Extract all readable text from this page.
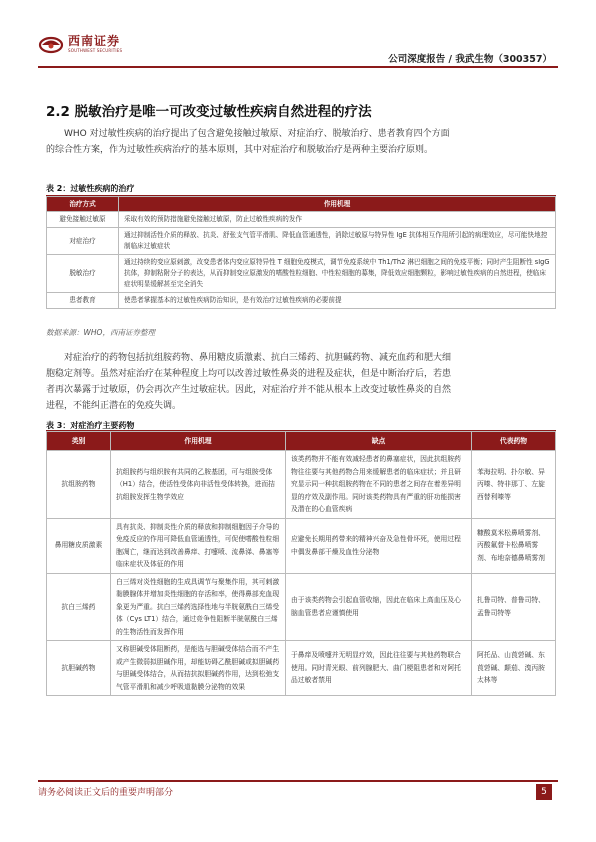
西南证券
SOUTHWEST SECURITIES
公司深度报告 / 我武生物（300357）
2.2 脱敏治疗是唯一可改变过敏性疾病自然进程的疗法
WHO 对过敏性疾病的治疗提出了包含避免接触过敏原、对症治疗、脱敏治疗、患者教育四个方面的综合性方案，作为过敏性疾病治疗的基本原则，其中对症治疗和脱敏治疗是两种主要治疗原则。
表 2：过敏性疾病的治疗
治疗方式	作用机理
避免接触过敏原	采取有效的预防措施避免接触过敏原，防止过敏性疾病的发作
对症治疗	通过抑制活性介质的释放、抗炎、舒张支气管平滑肌、降低血管通透性，消除过敏原与特异性 IgE 抗体相互作用所引起的病理效应，尽可能快地控制临床过敏症状
脱敏治疗	通过持续的变应原刺激，改变患者体内变应原特异性 T 细胞免疫模式，调节免疫系统中 Th1/Th2 淋巴细胞之间的免疫平衡；同时产生阻断性 sIgG 抗体，抑制粘附分子的表达，从而抑制变应原激发的嗜酸性粒细胞、中性粒细胞的募集，降低效应细胞颗粒，影响过敏性疾病的自然进程，使临床症状明显缓解甚至完全消失
患者教育	使患者掌握基本的过敏性疾病防治知识，是有效治疗过敏性疾病的必要前提
数据来源：WHO，西南证券整理
对症治疗的药物包括抗组胺药物、鼻用糖皮质激素、抗白三烯药、抗胆碱药物、减充血药和肥大细胞稳定剂等。虽然对症治疗在某种程度上均可以改善过敏性鼻炎的进程及症状，但是中断治疗后，若患者再次暴露于过敏原，仍会再次产生过敏症状。因此，对症治疗并不能从根本上改变过敏性鼻炎的自然进程，不能纠正潜在的免疫失调。
表 3：对症治疗主要药物
类别	作用机理	缺点	代表药物
抗组胺药物	抗组胺药与组织胺有共同的乙胺基团，可与组胺受体（H1）结合，使活性受体向非活性受体转换，进而拮抗组胺发挥生物学效应	该类药物并不能有效减轻患者的鼻塞症状，因此抗组胺药物往往要与其他药物合用来缓解患者的临床症状；并且研究显示同一种抗组胺药物在不同的患者之间存在着差异明显的疗效及副作用。同时该类药物具有严重的肝功能损害及潜在的心血管疾病	苯海拉明、扑尔敏、异丙嗪、特非那丁、左旋西替利嗪等
鼻用糖皮质激素	具有抗炎、抑制炎性介质的释放和抑制细胞因子介导的免疫反应的作用可降低血管通透性，可促使嗜酸性粒细胞凋亡，继而达到改善鼻痒、打嚏喷、流鼻涕、鼻塞等临床症状及体征的作用	应避免长期用药带来的精神兴奋及急性骨坏死，使用过程中偶发鼻部干燥及血性分泌物	糠酸莫米松鼻喷雾剂、丙酸氟替卡松鼻喷雾剂、布地奈德鼻喷雾剂
抗白三烯药	白三烯对炎性细胞的生成具调节与聚集作用，其可刺激黏膜腺体并增加炎性细胞的存活和率，使得鼻部充血现象更为严重。抗白三烯药选择性地与半胱氨酰白三烯受体（Cys LT1）结合，通过竞争性阻断半胱氨酰白三烯的生物活性而发挥作用	由于该类药物会引起血管收缩，因此在临床上高血压及心脑血管患者应谨慎使用	扎鲁司特、普鲁司特、孟鲁司特等
抗胆碱药物	又称胆碱受体阻断药，是能选与胆碱受体结合而不产生或产生微弱拟胆碱作用，却能妨碍乙酰胆碱或拟胆碱药与胆碱受体结合，从而拮抗拟胆碱药作用，达到松弛支气管平滑肌和减少呼吸道黏膜分泌物的效果	于鼻痒及喷嚏并无明显疗效，因此往往要与其他药物联合使用。同时青光眼、前列腺肥大、曲门梗阻患者和对阿托品过敏者禁用	阿托品、山莨菪碱、东莨菪碱、颠茄、溴丙胺太林等
请务必阅读正文后的重要声明部分	5
